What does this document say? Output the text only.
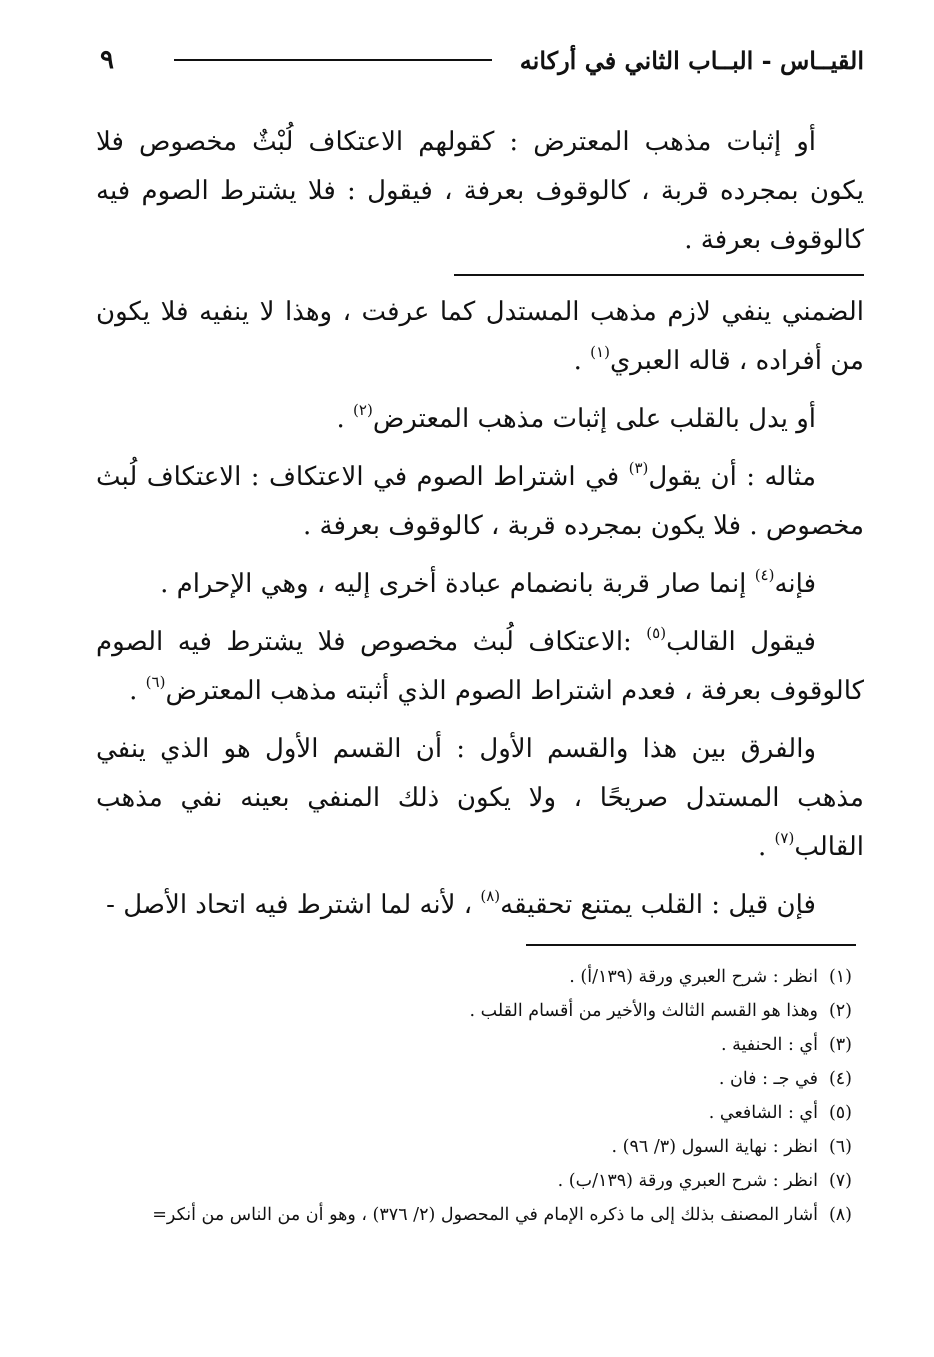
القيــاس - البــاب الثاني في أركانه
٩

أو إثبات مذهب المعترض : كقولهم الاعتكاف لُبْثٌ مخصوص فلا يكون بمجرده قربة ، كالوقوف بعرفة ، فيقول : فلا يشترط الصوم فيه كالوقوف بعرفة .

الضمني ينفي لازم مذهب المستدل كما عرفت ، وهذا لا ينفيه فلا يكون من أفراده ، قاله العبري$^{(١)}$ .

أو يدل بالقلب على إثبات مذهب المعترض$^{(٢)}$ .

مثاله : أن يقول$^{(٣)}$ في اشتراط الصوم في الاعتكاف : الاعتكاف لُبث مخصوص . فلا يكون بمجرده قربة ، كالوقوف بعرفة .

فإنه$^{(٤)}$ إنما صار قربة بانضمام عبادة أخرى إليه ، وهي الإحرام .

فيقول القالب$^{(٥)}$ :الاعتكاف لُبث مخصوص فلا يشترط فيه الصوم كالوقوف بعرفة ، فعدم اشتراط الصوم الذي أثبته مذهب المعترض$^{(٦)}$ .

والفرق بين هذا والقسم الأول : أن القسم الأول هو الذي ينفي مذهب المستدل صريحًا ، ولا يكون ذلك المنفي بعينه نفي مذهب القالب$^{(٧)}$ .

فإن قيل : القلب يمتنع تحقيقه$^{(٨)}$ ، لأنه لما اشترط فيه اتحاد الأصل -

(١)
انظر : شرح العبري ورقة (١٣٩/أ) .
(٢)
وهذا هو القسم الثالث والأخير من أقسام القلب .
(٣)
أي : الحنفية .
(٤)
في جـ : فان .
(٥)
أي : الشافعي .
(٦)
انظر : نهاية السول (٣/ ٩٦) .
(٧)
انظر : شرح العبري ورقة (١٣٩/ب) .
(٨)
أشار المصنف بذلك إلى ما ذكره الإمام في المحصول (٢/ ٣٧٦) ، وهو أن من الناس من أنكر=
